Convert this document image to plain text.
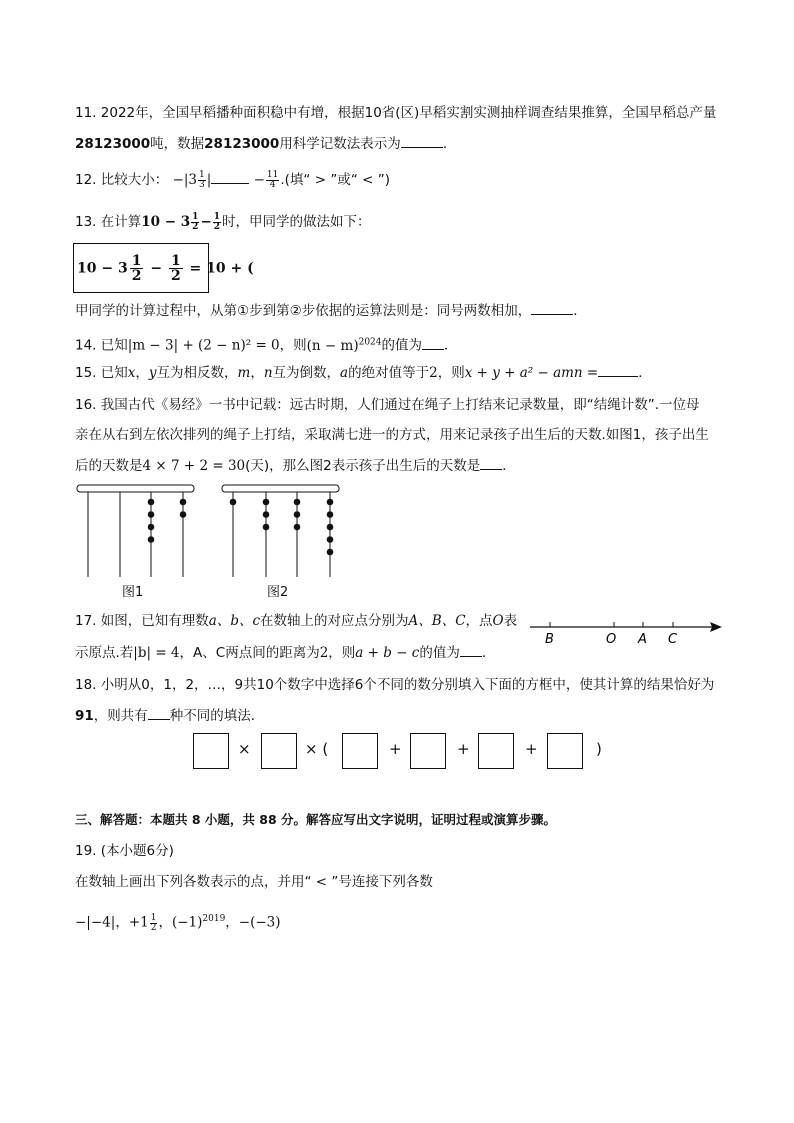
11. 2022年，全国早稻播种面积稳中有增，根据10省(区)早稻实割实测抽样调查结果推算，全国早稻总产量
28123000吨，数据28123000用科学记数法表示为	．
12. 比较大小： $-|3 \frac{1}{3}$ |	− $\frac{11}{4}$ .(填“ > ”或“ < ”)
13. 在计算$10 - 3 \frac{1}{2} - \frac{1}{2}$ 时，甲同学的做法如下：
$10 - 3 \frac{1}{2} - \frac{1}{2} = 10$ + (
甲同学的计算过程中，从第①步到第②步依据的运算法则是：同号两数相加，	．
14. 已知|m − 3| + (2 − n)² = 0，则$(n - m)^{2024}$的值为 ．
15. 已知x，y互为相反数，m，n互为倒数，a的绝对值等于2，则x + y + a² − amn =	．
16. 我国古代《易经》一书中记载：远古时期，人们通过在绳子上打结来记录数量，即“结绳计数”.一位母
亲在从右到左依次排列的绳子上打结，采取满七进一的方式，用来记录孩子出生后的天数.如图1，孩子出生
后的天数是4 × 7 + 2 = 30(天)，那么图2表示孩子出生后的天数是 ．
图1	图2
17. 如图，已知有理数a、b、c在数轴上的对应点分别为A、B、C，点O表
示原点.若|b| = 4，A、C两点间的距离为2，则a + b − c的值为 ．
B	O A C
18. 小明从0，1，2，…，9共10个数字中选择6个不同的数分别填入下面的方框中，使其计算的结果恰好为
91，则共有 种不同的填法．
×	× (	+	+	+	)
三、解答题：本题共 8 小题，共 88 分。解答应写出文字说明，证明过程或演算步骤。
19. (本小题6分)
在数轴上画出下列各数表示的点，并用“ < ”号连接下列各数
−|−4|，$+1 \frac{1}{2}$ ，$(-1)^{2019}$，−(−3)
